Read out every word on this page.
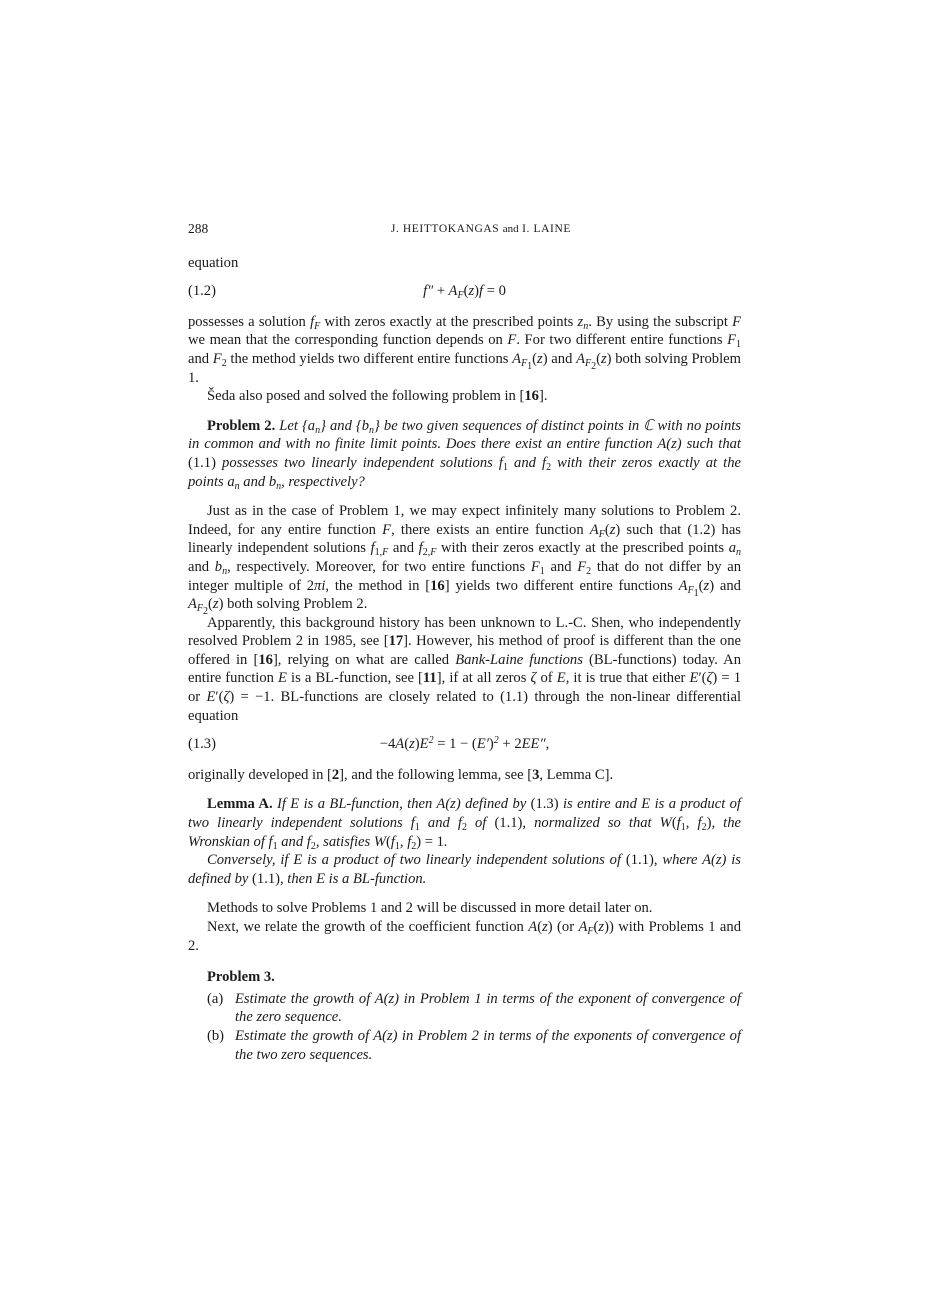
288	J. HEITTOKANGAS and I. LAINE

equation

(1.2)	$f'' + A_F(z)f = 0$

possesses a solution $f_F$ with zeros exactly at the prescribed points $z_n$. By using the subscript F we mean that the corresponding function depends on F. For two different entire functions $F_1$ and $F_2$ the method yields two different entire functions $A_{F_1}(z)$ and $A_{F_2}(z)$ both solving Problem 1.

Šeda also posed and solved the following problem in [16].

Problem 2. Let $\{a_n\}$ and $\{b_n\}$ be two given sequences of distinct points in ℂ with no points in common and with no finite limit points. Does there exist an entire function A(z) such that (1.1) possesses two linearly independent solutions $f_1$ and $f_2$ with their zeros exactly at the points $a_n$ and $b_n$, respectively?

Just as in the case of Problem 1, we may expect infinitely many solutions to Problem 2. Indeed, for any entire function F, there exists an entire function $A_F(z)$ such that (1.2) has linearly independent solutions $f_{1,F}$ and $f_{2,F}$ with their zeros exactly at the prescribed points $a_n$ and $b_n$, respectively. Moreover, for two entire functions $F_1$ and $F_2$ that do not differ by an integer multiple of 2πi, the method in [16] yields two different entire functions $A_{F_1}(z)$ and $A_{F_2}(z)$ both solving Problem 2.

Apparently, this background history has been unknown to L.-C. Shen, who independently resolved Problem 2 in 1985, see [17]. However, his method of proof is different than the one offered in [16], relying on what are called Bank-Laine functions (BL-functions) today. An entire function E is a BL-function, see [11], if at all zeros ζ of E, it is true that either E′(ζ) = 1 or E′(ζ) = −1. BL-functions are closely related to (1.1) through the non-linear differential equation

(1.3)	$-4A(z)E^2 = 1 - (E')^2 + 2EE''$,

originally developed in [2], and the following lemma, see [3, Lemma C].

Lemma A. If E is a BL-function, then A(z) defined by (1.3) is entire and E is a product of two linearly independent solutions $f_1$ and $f_2$ of (1.1), normalized so that $W(f_1$, $f_2$), the Wronskian of $f_1$ and $f_2$, satisfies $W(f_1$, $f_2) = 1$.

Conversely, if E is a product of two linearly independent solutions of (1.1), where A(z) is defined by (1.1), then E is a BL-function.

Methods to solve Problems 1 and 2 will be discussed in more detail later on.

Next, we relate the growth of the coefficient function A(z) (or $A_F(z)$) with Problems 1 and 2.

Problem 3.

(a) Estimate the growth of A(z) in Problem 1 in terms of the exponent of convergence of the zero sequence.
(b) Estimate the growth of A(z) in Problem 2 in terms of the exponents of convergence of the two zero sequences.
